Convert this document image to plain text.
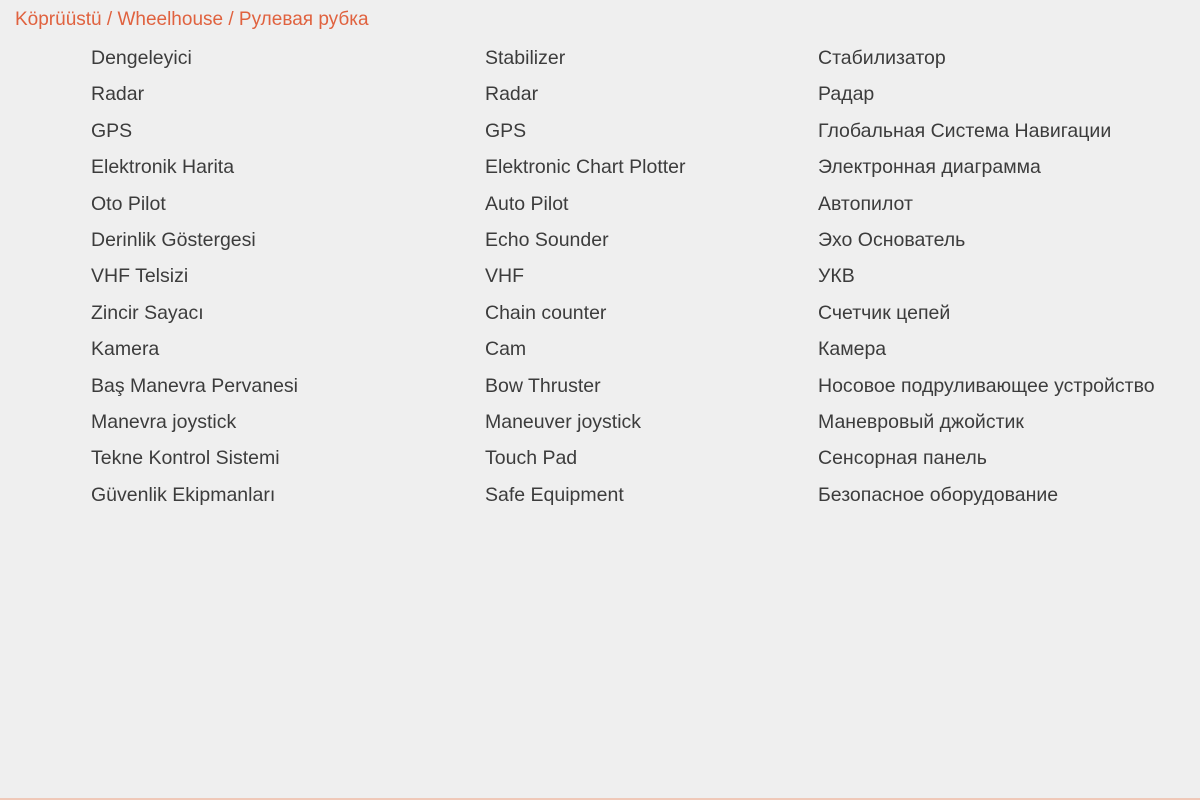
Köprüüstü / Wheelhouse / Рулевая рубка
Dengeleyici	Stabilizer	Стабилизатор
Radar	Radar	Радар
GPS	GPS	Глобальная Система Навигации
Elektronik Harita	Elektronic Chart Plotter	Электронная диаграмма
Oto Pilot	Auto Pilot	Автопилот
Derinlik Göstergesi	Echo Sounder	Эхо Основатель
VHF Telsizi	VHF	УКВ
Zincir Sayacı	Chain counter	Счетчик цепей
Kamera	Cam	Камера
Baş Manevra Pervanesi	Bow Thruster	Носовое подруливающее устройство
Manevra joystick	Maneuver joystick	Маневровый джойстик
Tekne Kontrol Sistemi	Touch Pad	Сенсорная панель
Güvenlik Ekipmanları	Safe Equipment	Безопасное оборудование
